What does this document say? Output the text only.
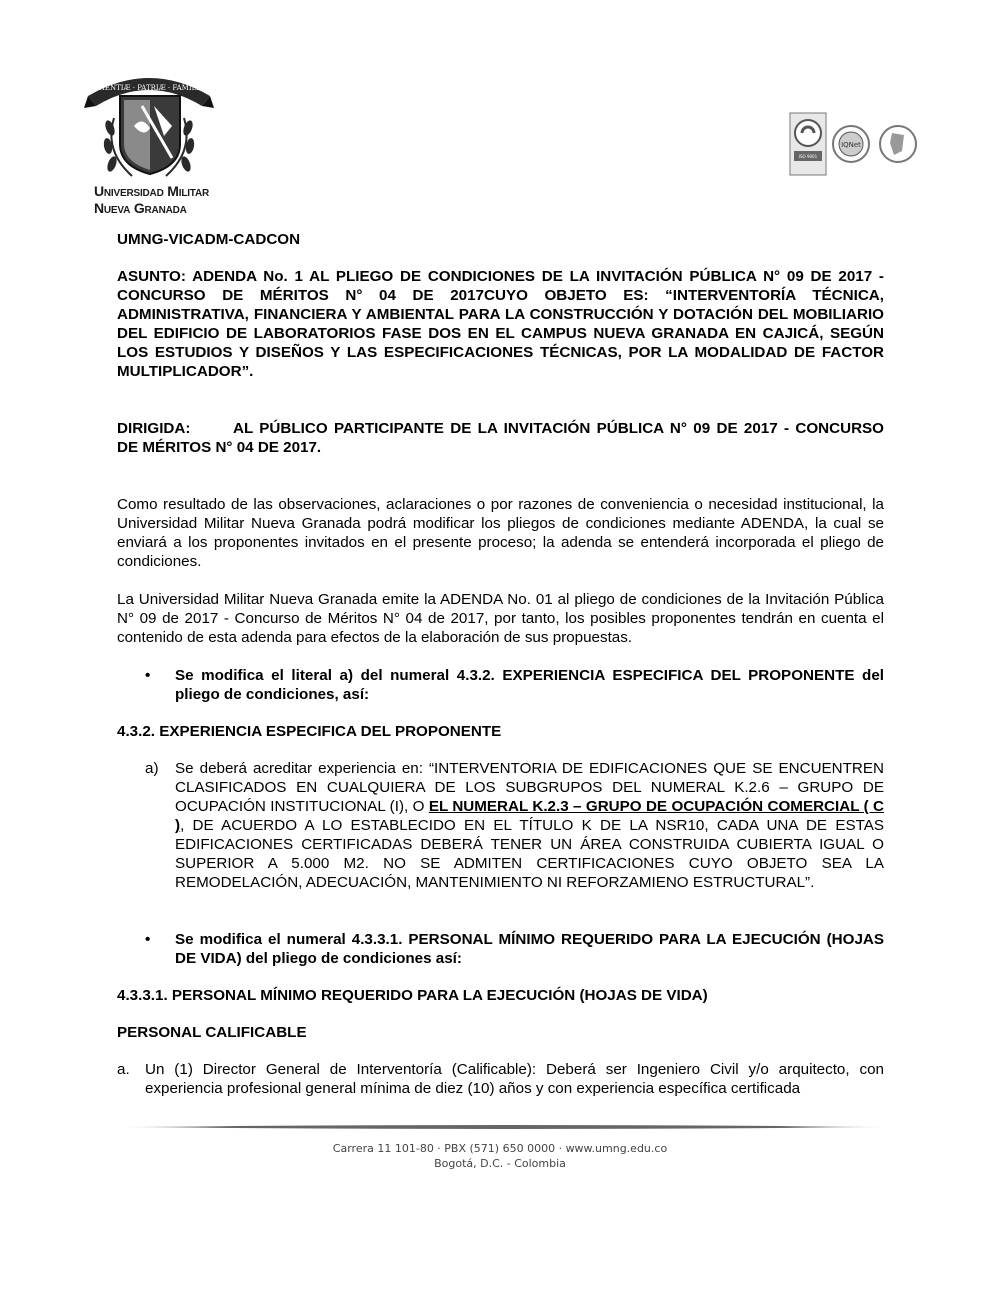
SCIENTIÆ · PATRIÆ · FAMILIÆ
Universidad Militar
Nueva Granada
ISO 9001
IQNet

UMNG-VICADM-CADCON

ASUNTO: ADENDA No. 1 AL PLIEGO DE CONDICIONES DE LA INVITACIÓN PÚBLICA N° 09 DE 2017 - CONCURSO DE MÉRITOS N° 04 DE 2017CUYO OBJETO ES: “INTERVENTORÍA TÉCNICA, ADMINISTRATIVA, FINANCIERA Y AMBIENTAL PARA LA CONSTRUCCIÓN Y DOTACIÓN DEL MOBILIARIO DEL EDIFICIO DE LABORATORIOS FASE DOS EN EL CAMPUS NUEVA GRANADA EN CAJICÁ, SEGÚN LOS ESTUDIOS Y DISEÑOS Y LAS ESPECIFICACIONES TÉCNICAS, POR LA MODALIDAD DE FACTOR MULTIPLICADOR”.

DIRIGIDA:	AL PÚBLICO PARTICIPANTE DE LA INVITACIÓN PÚBLICA N° 09 DE 2017 - CONCURSO DE MÉRITOS N° 04 DE 2017.

Como resultado de las observaciones, aclaraciones o por razones de conveniencia o necesidad institucional, la Universidad Militar Nueva Granada podrá modificar los pliegos de condiciones mediante ADENDA, la cual se enviará a los proponentes invitados en el presente proceso; la adenda se entenderá incorporada el pliego de condiciones.

La Universidad Militar Nueva Granada emite la ADENDA No. 01 al pliego de condiciones de la Invitación Pública N° 09 de 2017 - Concurso de Méritos N° 04 de 2017, por tanto, los posibles proponentes tendrán en cuenta el contenido de esta adenda para efectos de la elaboración de sus propuestas.

• Se modifica el literal a) del numeral 4.3.2. EXPERIENCIA ESPECIFICA DEL PROPONENTE del pliego de condiciones, así:

4.3.2. EXPERIENCIA ESPECIFICA DEL PROPONENTE

a) Se deberá acreditar experiencia en: “INTERVENTORIA DE EDIFICACIONES QUE SE ENCUENTREN CLASIFICADOS EN CUALQUIERA DE LOS SUBGRUPOS DEL NUMERAL K.2.6 – GRUPO DE OCUPACIÓN INSTITUCIONAL (I), O EL NUMERAL K.2.3 – GRUPO DE OCUPACIÓN COMERCIAL ( C ), DE ACUERDO A LO ESTABLECIDO EN EL TÍTULO K DE LA NSR10, CADA UNA DE ESTAS EDIFICACIONES CERTIFICADAS DEBERÁ TENER UN ÁREA CONSTRUIDA CUBIERTA IGUAL O SUPERIOR A 5.000 M2. NO SE ADMITEN CERTIFICACIONES CUYO OBJETO SEA LA REMODELACIÓN, ADECUACIÓN, MANTENIMIENTO NI REFORZAMIENO ESTRUCTURAL”.
• Se modifica el numeral 4.3.3.1. PERSONAL MÍNIMO REQUERIDO PARA LA EJECUCIÓN (HOJAS DE VIDA) del pliego de condiciones así:

4.3.3.1. PERSONAL MÍNIMO REQUERIDO PARA LA EJECUCIÓN (HOJAS DE VIDA)

PERSONAL CALIFICABLE

a. Un (1) Director General de Interventoría (Calificable): Deberá ser Ingeniero Civil y/o arquitecto, con experiencia profesional general mínima de diez (10) años y con experiencia específica certificada
Carrera 11 101-80 · PBX (571) 650 0000 · www.umng.edu.co
Bogotá, D.C. - Colombia
